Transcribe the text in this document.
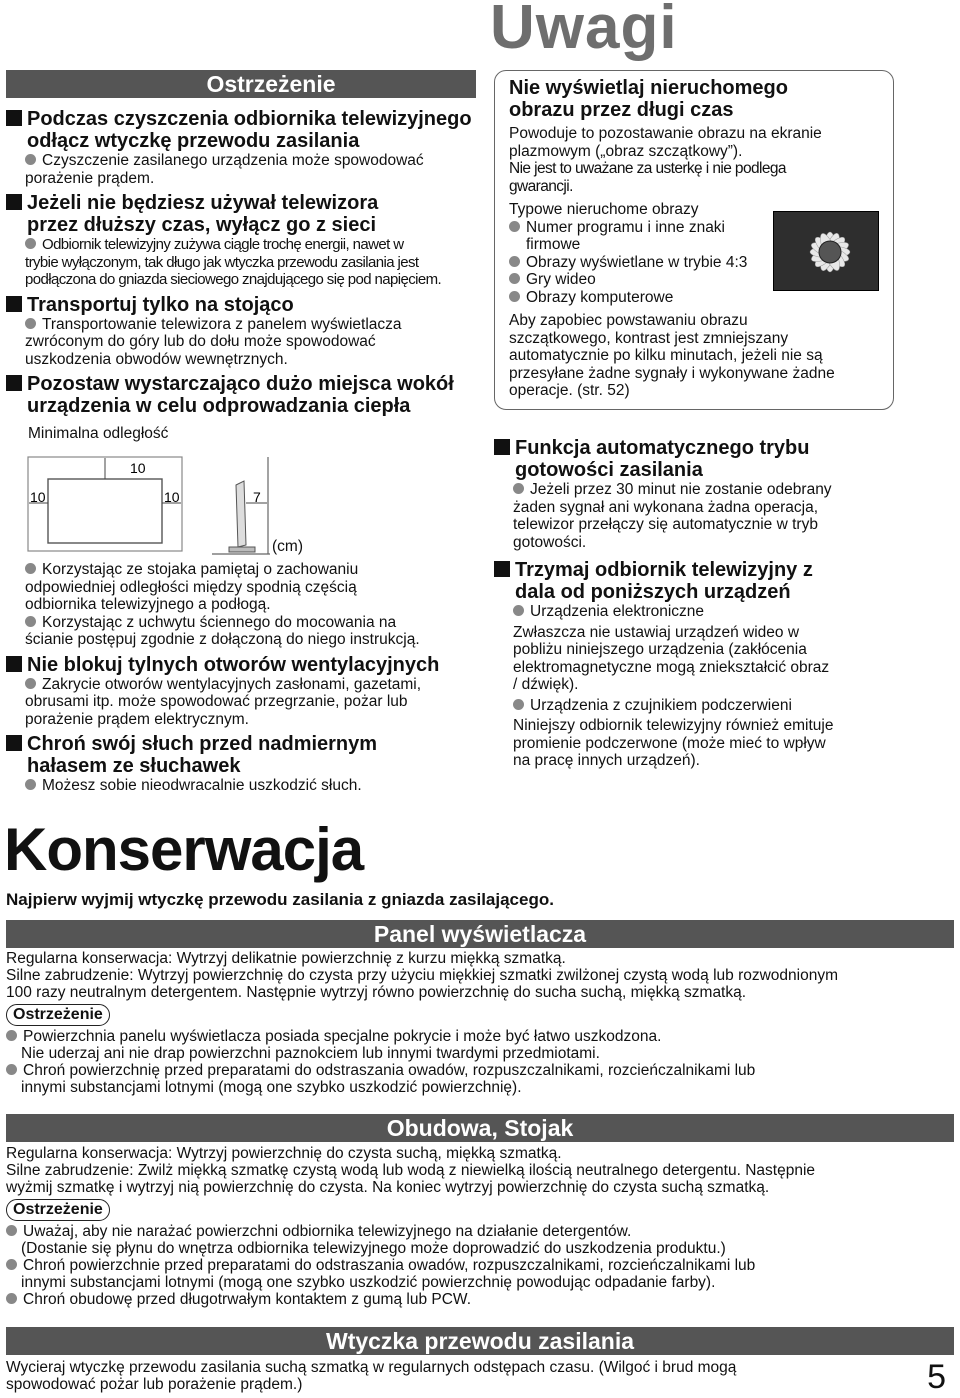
Uwagi
Ostrzeżenie
Podczas czyszczenia odbiornika telewizyjnego
odłącz wtyczkę przewodu zasilania
Czyszczenie zasilanego urządzenia może spowodować
porażenie prądem.
Jeżeli nie będziesz używał telewizora
przez dłuższy czas, wyłącz go z sieci
Odbiornik telewizyjny zużywa ciągle trochę energii, nawet w
trybie wyłączonym, tak długo jak wtyczka przewodu zasilania jest
podłączona do gniazda sieciowego znajdującego się pod napięciem.
Transportuj tylko na stojąco
Transportowanie telewizora z panelem wyświetlacza
zwróconym do góry lub do dołu może spowodować
uszkodzenia obwodów wewnętrznych.
Pozostaw wystarczająco dużo miejsca wokół
urządzenia w celu odprowadzania ciepła
Minimalna odległość
Korzystając ze stojaka pamiętaj o zachowaniu
odpowiedniej odległości między spodnią częścią
odbiornika telewizyjnego a podłogą.
Korzystając z uchwytu ściennego do mocowania na
ścianie postępuj zgodnie z dołączoną do niego instrukcją.
Nie blokuj tylnych otworów wentylacyjnych
Zakrycie otworów wentylacyjnych zasłonami, gazetami,
obrusami itp. może spowodować przegrzanie, pożar lub
porażenie prądem elektrycznym.
Chroń swój słuch przed nadmiernym
hałasem ze słuchawek
Możesz sobie nieodwracalnie uszkodzić słuch.
10
10	10	7
(cm)
Nie wyświetlaj nieruchomego
obrazu przez długi czas

Powoduje to pozostawanie obrazu na ekranie

plazmowym („obraz szczątkowy”).

Nie jest to uważane za usterkę i nie podlega

gwarancji.

Typowe nieruchome obrazy

Numer programu i inne znaki

firmowe

Obrazy wyświetlane w trybie 4:3

Gry wideo

Obrazy komputerowe

Aby zapobiec powstawaniu obrazu

szczątkowego, kontrast jest zmniejszany

automatycznie po kilku minutach, jeżeli nie są

przesyłane żadne sygnały i wykonywane żadne

operacje. (str. 52)

Funkcja automatycznego trybu
gotowości zasilania
Jeżeli przez 30 minut nie zostanie odebrany
żaden sygnał ani wykonana żadna operacja,
telewizor przełączy się automatycznie w tryb
gotowości.
Trzymaj odbiornik telewizyjny z
dala od poniższych urządzeń
Urządzenia elektroniczne
Zwłaszcza nie ustawiaj urządzeń wideo w
pobliżu niniejszego urządzenia (zakłócenia
elektromagnetyczne mogą zniekształcić obraz
/ dźwięk).
Urządzenia z czujnikiem podczerwieni
Niniejszy odbiornik telewizyjny również emituje
promienie podczerwone (może mieć to wpływ
na pracę innych urządzeń).
Konserwacja
Najpierw wyjmij wtyczkę przewodu zasilania z gniazda zasilającego.
Panel wyświetlacza

Regularna konserwacja: Wytrzyj delikatnie powierzchnię z kurzu miękką szmatką.

Silne zabrudzenie: Wytrzyj powierzchnię do czysta przy użyciu miękkiej szmatki zwilżonej czystą wodą lub rozwodnionym

100 razy neutralnym detergentem. Następnie wytrzyj równo powierzchnię do sucha suchą, miękką szmatką.

Ostrzeżenie

Powierzchnia panelu wyświetlacza posiada specjalne pokrycie i może być łatwo uszkodzona.

Nie uderzaj ani nie drap powierzchni paznokciem lub innymi twardymi przedmiotami.

Chroń powierzchnię przed preparatami do odstraszania owadów, rozpuszczalnikami, rozcieńczalnikami lub

innymi substancjami lotnymi (mogą one szybko uszkodzić powierzchnię).

Obudowa, Stojak

Regularna konserwacja: Wytrzyj powierzchnię do czysta suchą, miękką szmatką.

Silne zabrudzenie: Zwilż miękką szmatkę czystą wodą lub wodą z niewielką ilością neutralnego detergentu. Następnie

wyżmij szmatkę i wytrzyj nią powierzchnię do czysta. Na koniec wytrzyj powierzchnię do czysta suchą szmatką.

Ostrzeżenie

Uważaj, aby nie narażać powierzchni odbiornika telewizyjnego na działanie detergentów.

(Dostanie się płynu do wnętrza odbiornika telewizyjnego może doprowadzić do uszkodzenia produktu.)

Chroń powierzchnie przed preparatami do odstraszania owadów, rozpuszczalnikami, rozcieńczalnikami lub

innymi substancjami lotnymi (mogą one szybko uszkodzić powierzchnię powodując odpadanie farby).

Chroń obudowę przed długotrwałym kontaktem z gumą lub PCW.

Wtyczka przewodu zasilania

Wycieraj wtyczkę przewodu zasilania suchą szmatką w regularnych odstępach czasu. (Wilgoć i brud mogą

spowodować pożar lub porażenie prądem.)	5
